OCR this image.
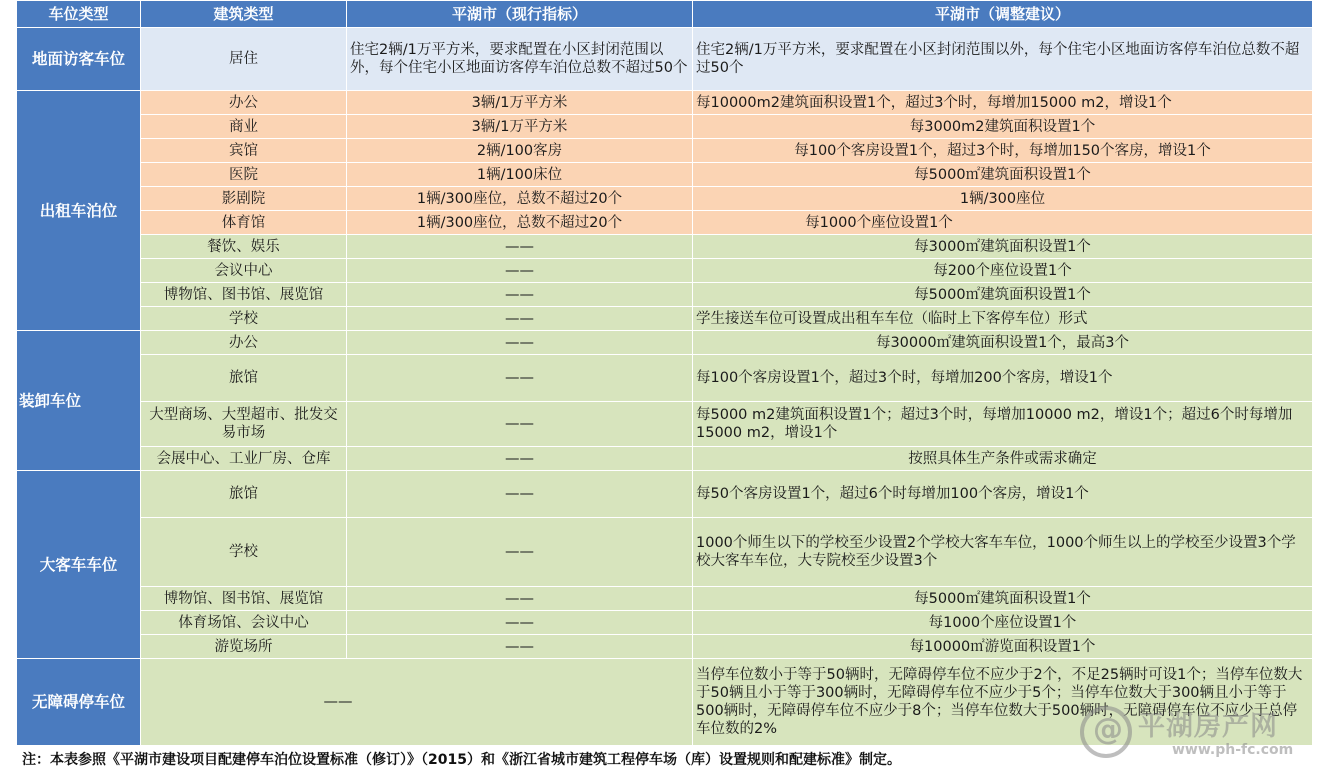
车位类型	建筑类型	平湖市（现行指标）	平湖市（调整建议）
地面访客车位	居住	住宅2辆/1万平方米，要求配置在小区封闭范围以外，每个住宅小区地面访客停车泊位总数不超过50个	住宅2辆/1万平方米，要求配置在小区封闭范围以外，每个住宅小区地面访客停车泊位总数不超过50个
出租车泊位	办公	3辆/1万平方米	每10000m2建筑面积设置1个，超过3个时，每增加15000 m2，增设1个
	商业	3辆/1万平方米	每3000m2建筑面积设置1个
	宾馆	2辆/100客房	每100个客房设置1个，超过3个时，每增加150个客房，增设1个
	医院	1辆/100床位	每5000㎡建筑面积设置1个
	影剧院	1辆/300座位，总数不超过20个	1辆/300座位
	体育馆	1辆/300座位，总数不超过20个	每1000个座位设置1个
	餐饮、娱乐	——	每3000㎡建筑面积设置1个
	会议中心	——	每200个座位设置1个
	博物馆、图书馆、展览馆	——	每5000㎡建筑面积设置1个
	学校	——	学生接送车位可设置成出租车车位（临时上下客停车位）形式
装卸车位	办公	——	每30000㎡建筑面积设置1个，最高3个
	旅馆	——	每100个客房设置1个，超过3个时，每增加200个客房，增设1个
	大型商场、大型超市、批发交易市场	——	每5000 m2建筑面积设置1个；超过3个时，每增加10000 m2，增设1个；超过6个时每增加15000 m2，增设1个
	会展中心、工业厂房、仓库	——	按照具体生产条件或需求确定
大客车车位	旅馆	——	每50个客房设置1个，超过6个时每增加100个客房，增设1个
	学校	——	1000个师生以下的学校至少设置2个学校大客车车位，1000个师生以上的学校至少设置3个学校大客车车位，大专院校至少设置3个
	博物馆、图书馆、展览馆	——	每5000㎡建筑面积设置1个
	体育场馆、会议中心	——	每1000个座位设置1个
	游览场所	——	每10000㎡游览面积设置1个
无障碍停车位	——		当停车位数小于等于50辆时，无障碍停车位不应少于2个，不足25辆时可设1个；当停车位数大于50辆且小于等于300辆时，无障碍停车位不应少于5个；当停车位数大于300辆且小于等于500辆时，无障碍停车位不应少于8个；当停车位数大于500辆时，无障碍停车位不应少于总停车位数的2%
注：本表参照《平湖市建设项目配建停车泊位设置标准（修订）》（2015）和《浙江省城市建筑工程停车场（库）设置规则和配建标准》制定。
@ 平湖房产网
www.ph-fc.com
